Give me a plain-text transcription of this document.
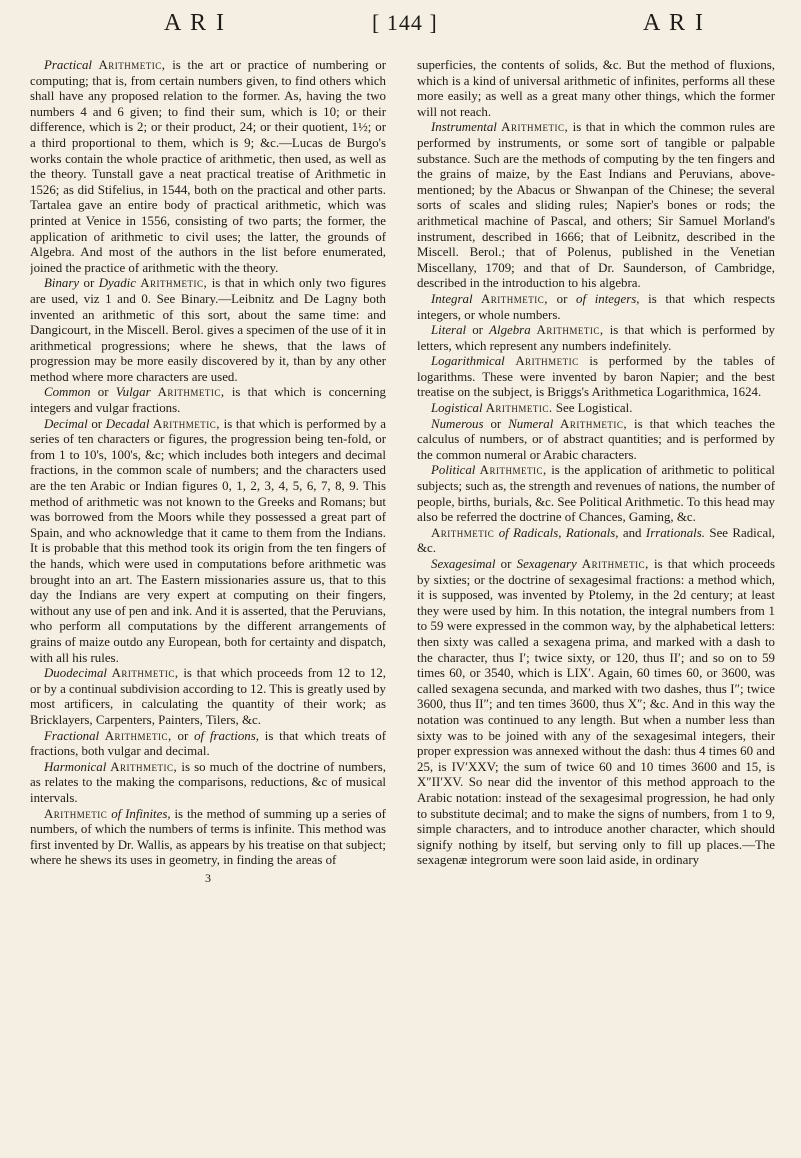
A R I	[ 144 ]	A R I

Practical Arithmetic, is the art or practice of numbering or computing; that is, from certain numbers given, to find others which shall have any proposed relation to the former. As, having the two numbers 4 and 6 given; to find their sum, which is 10; or their difference, which is 2; or their product, 24; or their quotient, 1½; or a third proportional to them, which is 9; &c.—Lucas de Burgo's works contain the whole practice of arithmetic, then used, as well as the theory. Tunstall gave a neat practical treatise of Arithmetic in 1526; as did Stifelius, in 1544, both on the practical and other parts. Tartalea gave an entire body of practical arithmetic, which was printed at Venice in 1556, consisting of two parts; the former, the application of arithmetic to civil uses; the latter, the grounds of Algebra. And most of the authors in the list before enumerated, joined the practice of arithmetic with the theory.

Binary or Dyadic Arithmetic, is that in which only two figures are used, viz 1 and 0. See Binary.—Leibnitz and De Lagny both invented an arithmetic of this sort, about the same time: and Dangicourt, in the Miscell. Berol. gives a specimen of the use of it in arithmetical progressions; where he shews, that the laws of progression may be more easily discovered by it, than by any other method where more characters are used.

Common or Vulgar Arithmetic, is that which is concerning integers and vulgar fractions.

Decimal or Decadal Arithmetic, is that which is performed by a series of ten characters or figures, the progression being ten-fold, or from 1 to 10's, 100's, &c; which includes both integers and decimal fractions, in the common scale of numbers; and the characters used are the ten Arabic or Indian figures 0, 1, 2, 3, 4, 5, 6, 7, 8, 9. This method of arithmetic was not known to the Greeks and Romans; but was borrowed from the Moors while they possessed a great part of Spain, and who acknowledge that it came to them from the Indians. It is probable that this method took its origin from the ten fingers of the hands, which were used in computations before arithmetic was brought into an art. The Eastern missionaries assure us, that to this day the Indians are very expert at computing on their fingers, without any use of pen and ink. And it is asserted, that the Peruvians, who perform all computations by the different arrangements of grains of maize outdo any European, both for certainty and dispatch, with all his rules.

Duodecimal Arithmetic, is that which proceeds from 12 to 12, or by a continual subdivision according to 12. This is greatly used by most artificers, in calculating the quantity of their work; as Bricklayers, Carpenters, Painters, Tilers, &c.

Fractional Arithmetic, or of fractions, is that which treats of fractions, both vulgar and decimal.

Harmonical Arithmetic, is so much of the doctrine of numbers, as relates to the making the comparisons, reductions, &c of musical intervals.

Arithmetic of Infinites, is the method of summing up a series of numbers, of which the numbers of terms is infinite. This method was first invented by Dr. Wallis, as appears by his treatise on that subject; where he shews its uses in geometry, in finding the areas of

3

superficies, the contents of solids, &c. But the method of fluxions, which is a kind of universal arithmetic of infinites, performs all these more easily; as well as a great many other things, which the former will not reach.

Instrumental Arithmetic, is that in which the common rules are performed by instruments, or some sort of tangible or palpable substance. Such are the methods of computing by the ten fingers and the grains of maize, by the East Indians and Peruvians, above-mentioned; by the Abacus or Shwanpan of the Chinese; the several sorts of scales and sliding rules; Napier's bones or rods; the arithmetical machine of Pascal, and others; Sir Samuel Morland's instrument, described in 1666; that of Leibnitz, described in the Miscell. Berol.; that of Polenus, published in the Venetian Miscellany, 1709; and that of Dr. Saunderson, of Cambridge, described in the introduction to his algebra.

Integral Arithmetic, or of integers, is that which respects integers, or whole numbers.

Literal or Algebra Arithmetic, is that which is performed by letters, which represent any numbers indefinitely.

Logarithmical Arithmetic is performed by the tables of logarithms. These were invented by baron Napier; and the best treatise on the subject, is Briggs's Arithmetica Logarithmica, 1624.

Logistical Arithmetic. See Logistical.

Numerous or Numeral Arithmetic, is that which teaches the calculus of numbers, or of abstract quantities; and is performed by the common numeral or Arabic characters.

Political Arithmetic, is the application of arithmetic to political subjects; such as, the strength and revenues of nations, the number of people, births, burials, &c. See Political Arithmetic. To this head may also be referred the doctrine of Chances, Gaming, &c.

Arithmetic of Radicals, Rationals, and Irrationals. See Radical, &c.

Sexagesimal or Sexagenary Arithmetic, is that which proceeds by sixties; or the doctrine of sexagesimal fractions: a method which, it is supposed, was invented by Ptolemy, in the 2d century; at least they were used by him. In this notation, the integral numbers from 1 to 59 were expressed in the common way, by the alphabetical letters: then sixty was called a sexagena prima, and marked with a dash to the character, thus I′; twice sixty, or 120, thus II′; and so on to 59 times 60, or 3540, which is LIX′. Again, 60 times 60, or 3600, was called sexagena secunda, and marked with two dashes, thus I″; twice 3600, thus II″; and ten times 3600, thus X″; &c. And in this way the notation was continued to any length. But when a number less than sixty was to be joined with any of the sexagesimal integers, their proper expression was annexed without the dash: thus 4 times 60 and 25, is IV′XXV; the sum of twice 60 and 10 times 3600 and 15, is X″II′XV. So near did the inventor of this method approach to the Arabic notation: instead of the sexagesimal progression, he had only to substitute decimal; and to make the signs of numbers, from 1 to 9, simple characters, and to introduce another character, which should signify nothing by itself, but serving only to fill up places.—The sexagenæ integrorum were soon laid aside, in ordinary
